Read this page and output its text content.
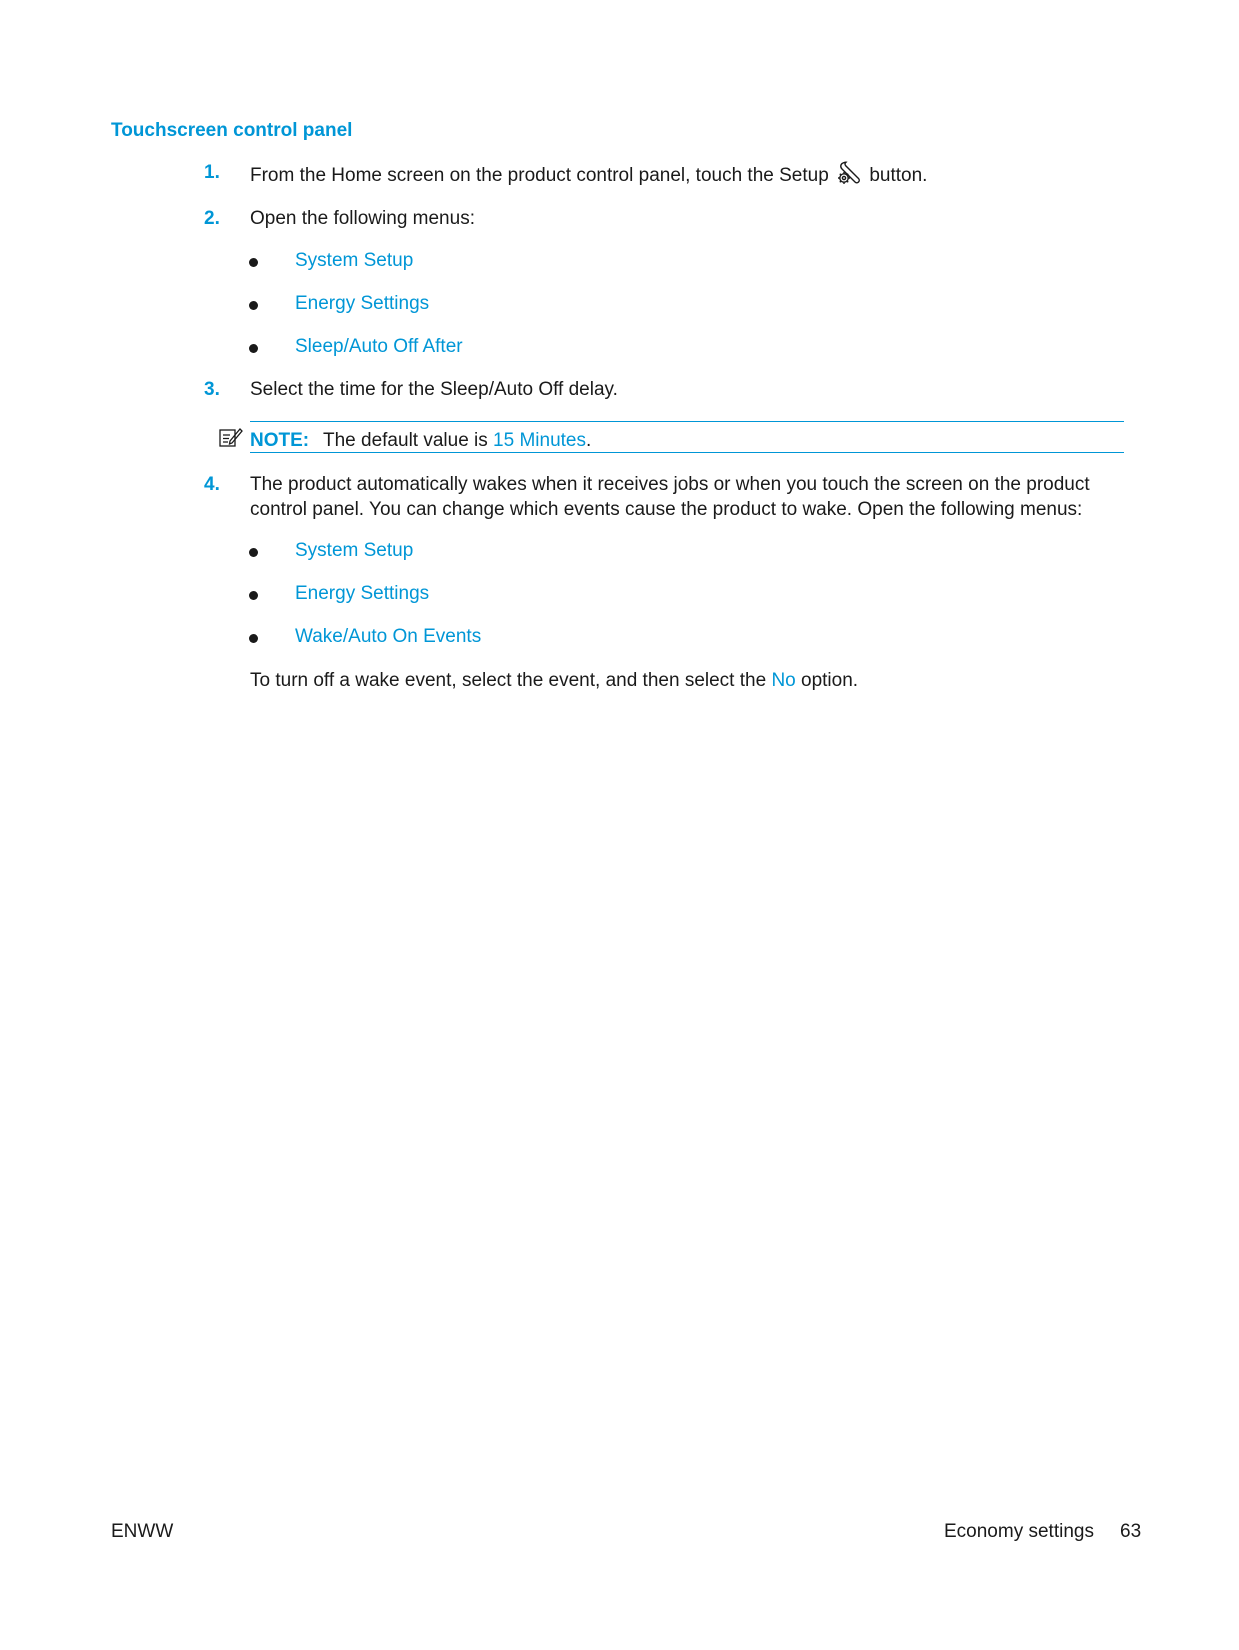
Touchscreen control panel
1. From the Home screen on the product control panel, touch the Setup button.
2. Open the following menus:
System Setup
Energy Settings
Sleep/Auto Off After
3. Select the time for the Sleep/Auto Off delay.
NOTE: The default value is 15 Minutes.
4. The product automatically wakes when it receives jobs or when you touch the screen on the product
control panel. You can change which events cause the product to wake. Open the following menus:
System Setup
Energy Settings
Wake/Auto On Events
To turn off a wake event, select the event, and then select the No option.
ENWW	Economy settings 63
